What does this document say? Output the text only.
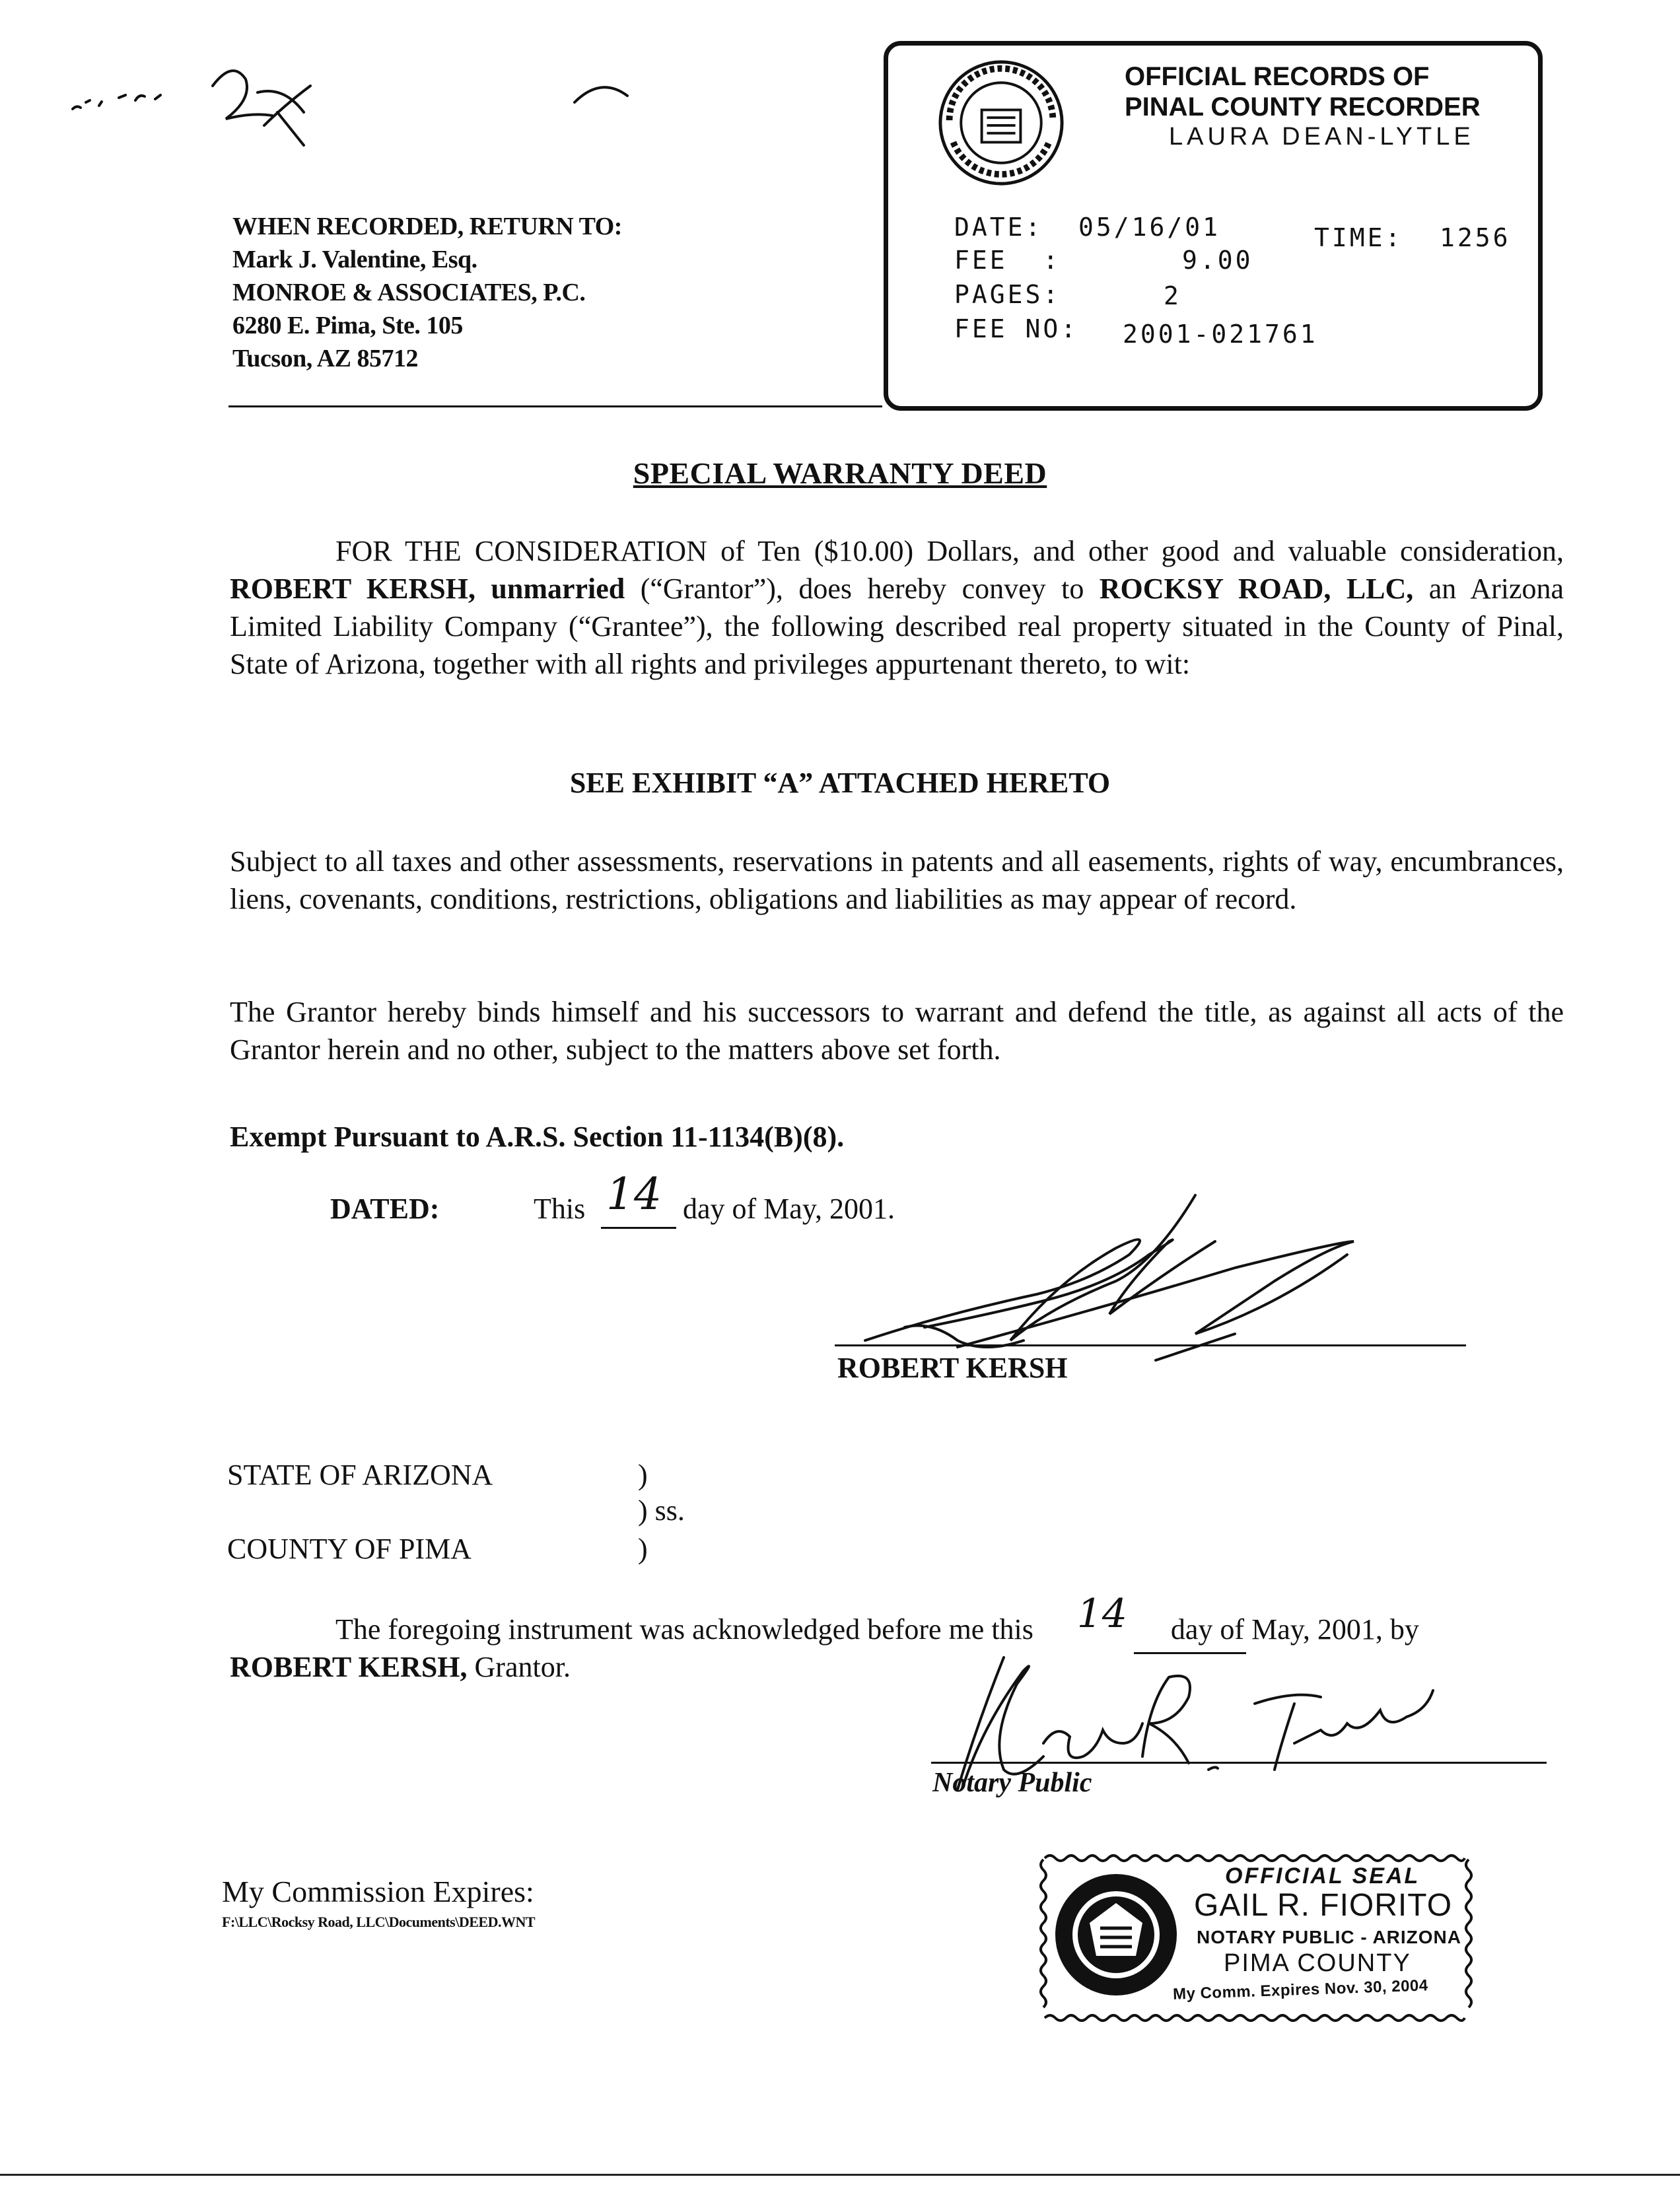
WHEN RECORDED, RETURN TO:
Mark J. Valentine, Esq.
MONROE & ASSOCIATES, P.C.
6280 E. Pima, Ste. 105
Tucson, AZ 85712
OFFICIAL RECORDS OF
PINAL COUNTY RECORDER
LAURA DEAN-LYTLE
DATE: 05/16/01	TIME: 1256
FEE  :	9.00
PAGES:	2
FEE NO: 2001-021761
SPECIAL WARRANTY DEED
FOR THE CONSIDERATION of Ten ($10.00) Dollars, and other good and valuable consideration, ROBERT KERSH, unmarried (“Grantor”), does hereby convey to ROCKSY ROAD, LLC, an Arizona Limited Liability Company (“Grantee”), the following described real property situated in the County of Pinal, State of Arizona, together with all rights and privileges appurtenant thereto, to wit:
SEE EXHIBIT “A” ATTACHED HERETO
Subject to all taxes and other assessments, reservations in patents and all easements, rights of way, encumbrances, liens, covenants, conditions, restrictions, obligations and liabilities as may appear of record.
The Grantor hereby binds himself and his successors to warrant and defend the title, as against all acts of the Grantor herein and no other, subject to the matters above set forth.
Exempt Pursuant to A.R.S. Section 11-1134(B)(8).
DATED:	This 14 day of May, 2001.
ROBERT KERSH
STATE OF ARIZONA	)
) ss.
COUNTY OF PIMA	)
The foregoing instrument was acknowledged before me this 14 day of May, 2001, by
ROBERT KERSH, Grantor.
Notary Public
My Commission Expires:
F:\LLC\Rocksy Road, LLC\Documents\DEED.WNT
OFFICIAL SEAL
GAIL R. FIORITO
NOTARY PUBLIC - ARIZONA
PIMA COUNTY
My Comm. Expires Nov. 30, 2004
